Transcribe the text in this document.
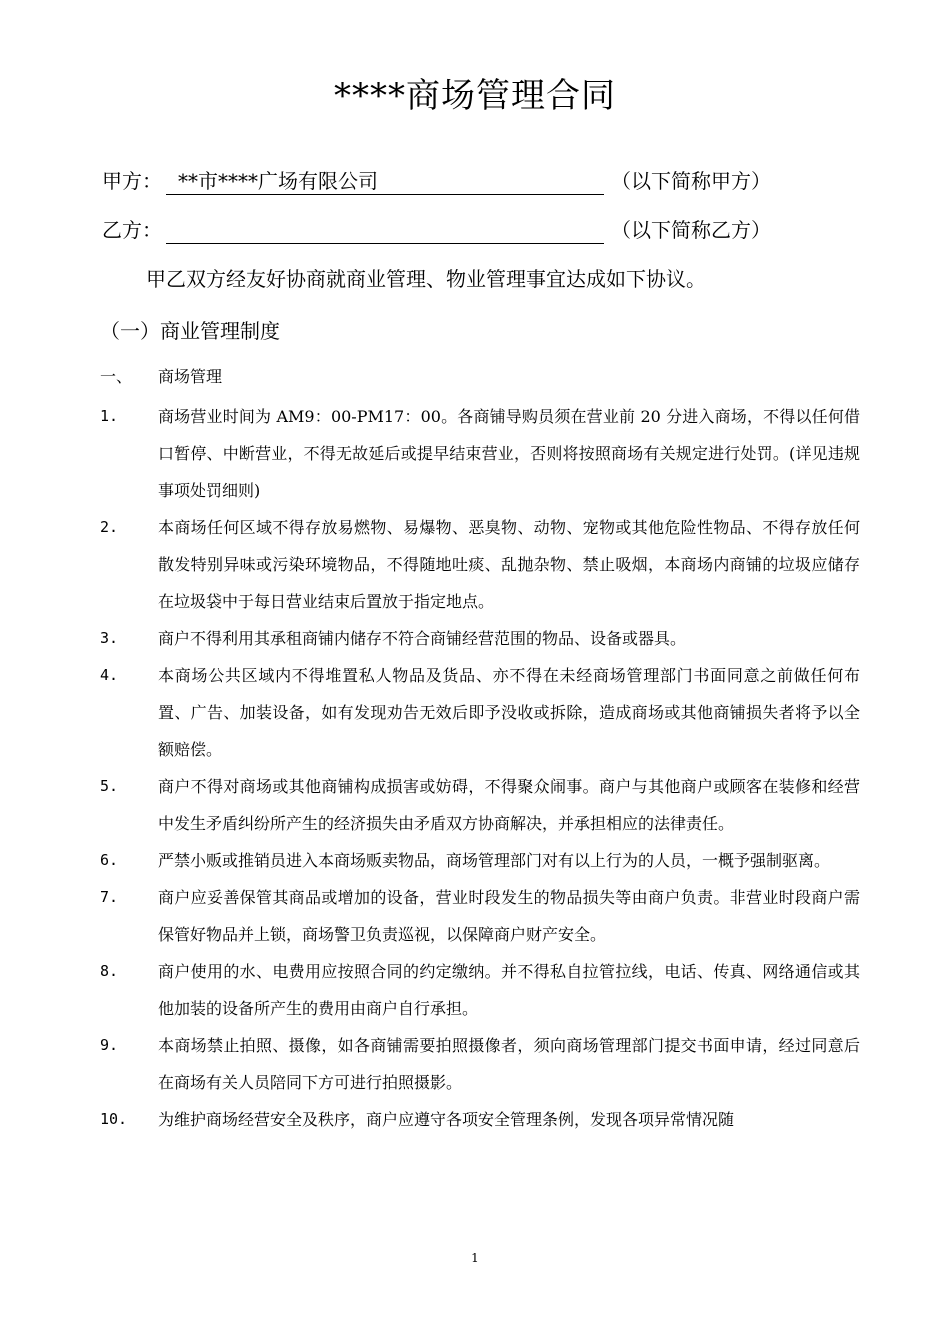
****商场管理合同
甲方： **市****广场有限公司	（以下简称甲方）
乙方：	（以下简称乙方）
甲乙双方经友好协商就商业管理、物业管理事宜达成如下协议。
（一）商业管理制度
一、 商场管理
1.	商场营业时间为 AM9：00-PM17：00。各商铺导购员须在营业前 20 分进入商场，不得以任何借口暂停、中断营业，不得无故延后或提早结束营业，否则将按照商场有关规定进行处罚。(详见违规事项处罚细则)
2.	本商场任何区域不得存放易燃物、易爆物、恶臭物、动物、宠物或其他危险性物品、不得存放任何散发特别异味或污染环境物品，不得随地吐痰、乱抛杂物、禁止吸烟，本商场内商铺的垃圾应储存在垃圾袋中于每日营业结束后置放于指定地点。
3.	商户不得利用其承租商铺内储存不符合商铺经营范围的物品、设备或器具。
4.	本商场公共区域内不得堆置私人物品及货品、亦不得在未经商场管理部门书面同意之前做任何布置、广告、加装设备，如有发现劝告无效后即予没收或拆除，造成商场或其他商铺损失者将予以全额赔偿。
5.	商户不得对商场或其他商铺构成损害或妨碍，不得聚众闹事。商户与其他商户或顾客在装修和经营中发生矛盾纠纷所产生的经济损失由矛盾双方协商解决，并承担相应的法律责任。
6.	严禁小贩或推销员进入本商场贩卖物品，商场管理部门对有以上行为的人员，一概予强制驱离。
7.	商户应妥善保管其商品或增加的设备，营业时段发生的物品损失等由商户负责。非营业时段商户需保管好物品并上锁，商场警卫负责巡视，以保障商户财产安全。
8.	商户使用的水、电费用应按照合同的约定缴纳。并不得私自拉管拉线，电话、传真、网络通信或其他加装的设备所产生的费用由商户自行承担。
9.	本商场禁止拍照、摄像，如各商铺需要拍照摄像者，须向商场管理部门提交书面申请，经过同意后在商场有关人员陪同下方可进行拍照摄影。
10.	为维护商场经营安全及秩序，商户应遵守各项安全管理条例，发现各项异常情况随
1
